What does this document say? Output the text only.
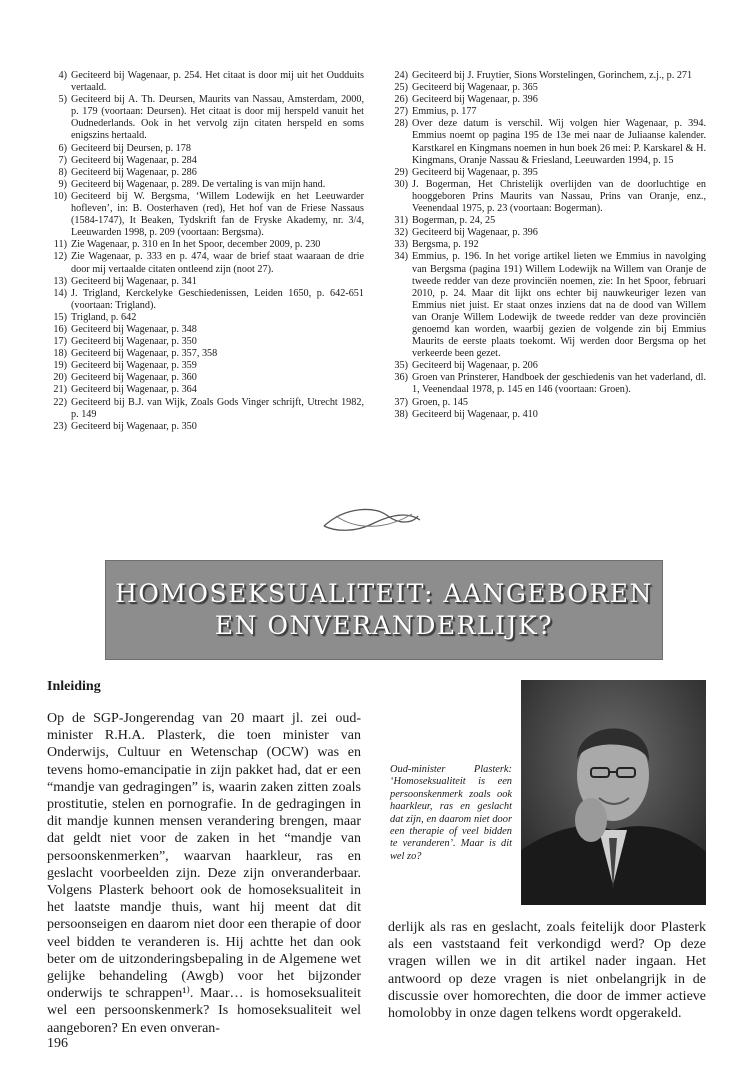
4) Geciteerd bij Wagenaar, p. 254. Het citaat is door mij uit het Oudduits vertaald.
5) Geciteerd bij A. Th. Deursen, Maurits van Nassau, Amsterdam, 2000, p. 179 (voortaan: Deursen). Het citaat is door mij herspeld vanuit het Oudnederlands. Ook in het vervolg zijn citaten herspeld en soms enigszins hertaald.
6) Geciteerd bij Deursen, p. 178
7) Geciteerd bij Wagenaar, p. 284
8) Geciteerd bij Wagenaar, p. 286
9) Geciteerd bij Wagenaar, p. 289. De vertaling is van mijn hand.
10) Geciteerd bij W. Bergsma, ‘Willem Lodewijk en het Leeuwarder hofleven’, in: B. Oosterhaven (red), Het hof van de Friese Nassaus (1584-1747), It Beaken, Tydskrift fan de Fryske Akademy, nr. 3/4, Leeuwarden 1998, p. 209 (voortaan: Bergsma).
11) Zie Wagenaar, p. 310 en In het Spoor, december 2009, p. 230
12) Zie Wagenaar, p. 333 en p. 474, waar de brief staat waaraan de drie door mij vertaalde citaten ontleend zijn (noot 27).
13) Geciteerd bij Wagenaar, p. 341
14) J. Trigland, Kerckelyke Geschiedenissen, Leiden 1650, p. 642-651 (voortaan: Trigland).
15) Trigland, p. 642
16) Geciteerd bij Wagenaar, p. 348
17) Geciteerd bij Wagenaar, p. 350
18) Geciteerd bij Wagenaar, p. 357, 358
19) Geciteerd bij Wagenaar, p. 359
20) Geciteerd bij Wagenaar, p. 360
21) Geciteerd bij Wagenaar, p. 364
22) Geciteerd bij B.J. van Wijk, Zoals Gods Vinger schrijft, Utrecht 1982, p. 149
23) Geciteerd bij Wagenaar, p. 350
24) Geciteerd bij J. Fruytier, Sions Worstelingen, Gorinchem, z.j., p. 271
25) Geciteerd bij Wagenaar, p. 365
26) Geciteerd bij Wagenaar, p. 396
27) Emmius, p. 177
28) Over deze datum is verschil. Wij volgen hier Wagenaar, p. 394. Emmius noemt op pagina 195 de 13e mei naar de Juliaanse kalender. Karstkarel en Kingmans noemen in hun boek 26 mei: P. Karskarel & H. Kingmans, Oranje Nassau & Friesland, Leeuwarden 1994, p. 15
29) Geciteerd bij Wagenaar, p. 395
30) J. Bogerman, Het Christelijk overlijden van de doorluchtige en hooggeboren Prins Maurits van Nassau, Prins van Oranje, enz., Veenendaal 1975, p. 23 (voortaan: Bogerman).
31) Bogerman, p. 24, 25
32) Geciteerd bij Wagenaar, p. 396
33) Bergsma, p. 192
34) Emmius, p. 196. In het vorige artikel lieten we Emmius in navolging van Bergsma (pagina 191) Willem Lodewijk na Willem van Oranje de tweede redder van deze provinciën noemen, zie: In het Spoor, februari 2010, p. 24. Maar dit lijkt ons echter bij nauwkeuriger lezen van Emmius niet juist. Er staat onzes inziens dat na de dood van Willem van Oranje Willem Lodewijk de tweede redder van deze provinciën genoemd kan worden, waarbij gezien de volgende zin bij Emmius Maurits de eerste plaats toekomt. Wij werden door Bergsma op het verkeerde been gezet.
35) Geciteerd bij Wagenaar, p. 206
36) Groen van Prinsterer, Handboek der geschiedenis van het vaderland, dl. 1, Veenendaal 1978, p. 145 en 146 (voortaan: Groen).
37) Groen, p. 145
38) Geciteerd bij Wagenaar, p. 410
HOMOSEKSUALITEIT: AANGEBOREN
EN ONVERANDERLIJK?
Inleiding

Op de SGP-Jongerendag van 20 maart jl. zei oud-minister R.H.A. Plasterk, die toen minister van Onderwijs, Cultuur en Wetenschap (OCW) was en tevens homo-emancipatie in zijn pakket had, dat er een “mandje van gedragingen” is, waarin zaken zitten zoals prostitutie, stelen en pornografie. In de gedragingen in dit mandje kunnen mensen verandering brengen, maar dat geldt niet voor de zaken in het “mandje van persoonskenmerken”, waarvan haarkleur, ras en geslacht voorbeelden zijn. Deze zijn onveranderbaar. Volgens Plasterk behoort ook de homoseksualiteit in het laatste mandje thuis, want hij meent dat dit persoonseigen en daarom niet door een therapie of door veel bidden te veranderen is. Hij achtte het dan ook beter om de uitzonderingsbepaling in de Algemene wet gelijke behandeling (Awgb) voor het bijzonder onderwijs te schrappen¹⁾. Maar… is homoseksualiteit wel een persoonskenmerk? Is homoseksualiteit wel aangeboren? En even onveran-

Oud-minister Plasterk: ‘Homoseksualiteit is een persoonskenmerk zoals ook haarkleur, ras en geslacht dat zijn, en daarom niet door een therapie of veel bidden te veranderen’. Maar is dit wel zo?

derlijk als ras en geslacht, zoals feitelijk door Plasterk als een vaststaand feit verkondigd werd? Op deze vragen willen we in dit artikel nader ingaan. Het antwoord op deze vragen is niet onbelangrijk in de discussie over homorechten, die door de immer actieve homolobby in onze dagen telkens wordt opgerakeld.

196
